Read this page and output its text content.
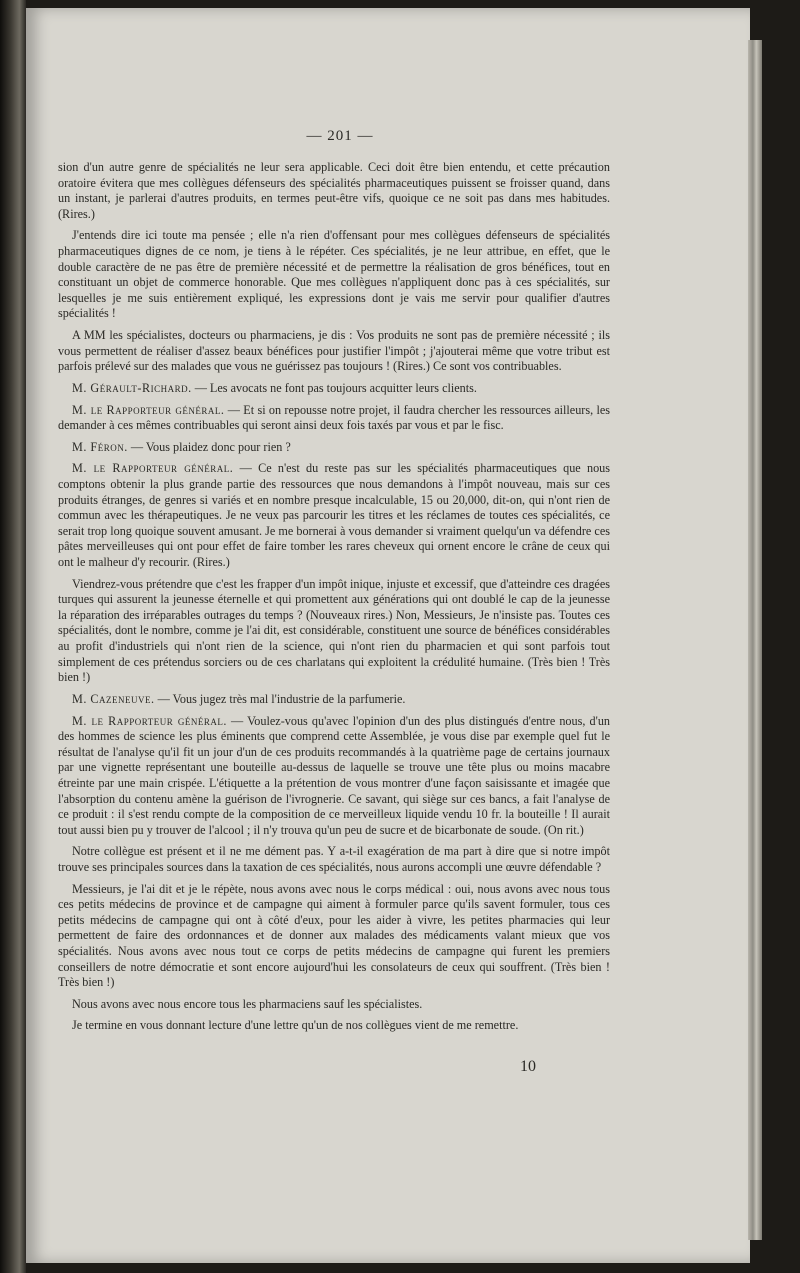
— 201 —

sion d'un autre genre de spécialités ne leur sera applicable. Ceci doit être bien entendu, et cette précaution oratoire évitera que mes collègues défenseurs des spécialités pharmaceutiques puissent se froisser quand, dans un instant, je parlerai d'autres produits, en termes peut-être vifs, quoique ce ne soit pas dans mes habitudes. (Rires.)

J'entends dire ici toute ma pensée ; elle n'a rien d'offensant pour mes collègues défenseurs de spécialités pharmaceutiques dignes de ce nom, je tiens à le répéter. Ces spécialités, je ne leur attribue, en effet, que le double caractère de ne pas être de première nécessité et de permettre la réalisation de gros bénéfices, tout en constituant un objet de commerce honorable. Que mes collègues n'appliquent donc pas à ces spécialités, sur lesquelles je me suis entièrement expliqué, les expressions dont je vais me servir pour qualifier d'autres spécialités !

A MM les spécialistes, docteurs ou pharmaciens, je dis : Vos produits ne sont pas de première nécessité ; ils vous permettent de réaliser d'assez beaux bénéfices pour justifier l'impôt ; j'ajouterai même que votre tribut est parfois prélevé sur des malades que vous ne guérissez pas toujours ! (Rires.) Ce sont vos contribuables.

M. Gérault-Richard. — Les avocats ne font pas toujours acquitter leurs clients.

M. le Rapporteur général. — Et si on repousse notre projet, il faudra chercher les ressources ailleurs, les demander à ces mêmes contribuables qui seront ainsi deux fois taxés par vous et par le fisc.

M. Féron. — Vous plaidez donc pour rien ?

M. le Rapporteur général. — Ce n'est du reste pas sur les spécialités pharmaceutiques que nous comptons obtenir la plus grande partie des ressources que nous demandons à l'impôt nouveau, mais sur ces produits étranges, de genres si variés et en nombre presque incalculable, 15 ou 20,000, dit-on, qui n'ont rien de commun avec les thérapeutiques. Je ne veux pas parcourir les titres et les réclames de toutes ces spécialités, ce serait trop long quoique souvent amusant. Je me bornerai à vous demander si vraiment quelqu'un va défendre ces pâtes merveilleuses qui ont pour effet de faire tomber les rares cheveux qui ornent encore le crâne de ceux qui ont le malheur d'y recourir. (Rires.)

Viendrez-vous prétendre que c'est les frapper d'un impôt inique, injuste et excessif, que d'atteindre ces dragées turques qui assurent la jeunesse éternelle et qui promettent aux générations qui ont doublé le cap de la jeunesse la réparation des irréparables outrages du temps ? (Nouveaux rires.) Non, Messieurs, Je n'insiste pas. Toutes ces spécialités, dont le nombre, comme je l'ai dit, est considérable, constituent une source de bénéfices considérables au profit d'industriels qui n'ont rien de la science, qui n'ont rien du pharmacien et qui sont parfois tout simplement de ces prétendus sorciers ou de ces charlatans qui exploitent la crédulité humaine. (Très bien ! Très bien !)

M. Cazeneuve. — Vous jugez très mal l'industrie de la parfumerie.

M. le Rapporteur général. — Voulez-vous qu'avec l'opinion d'un des plus distingués d'entre nous, d'un des hommes de science les plus éminents que comprend cette Assemblée, je vous dise par exemple quel fut le résultat de l'analyse qu'il fit un jour d'un de ces produits recommandés à la quatrième page de certains journaux par une vignette représentant une bouteille au-dessus de laquelle se trouve une tête plus ou moins macabre étreinte par une main crispée. L'étiquette a la prétention de vous montrer d'une façon saisissante et imagée que l'absorption du contenu amène la guérison de l'ivrognerie. Ce savant, qui siège sur ces bancs, a fait l'analyse de ce produit : il s'est rendu compte de la composition de ce merveilleux liquide vendu 10 fr. la bouteille ! Il aurait tout aussi bien pu y trouver de l'alcool ; il n'y trouva qu'un peu de sucre et de bicarbonate de soude. (On rit.)

Notre collègue est présent et il ne me dément pas. Y a-t-il exagération de ma part à dire que si notre impôt trouve ses principales sources dans la taxation de ces spécialités, nous aurons accompli une œuvre défendable ?

Messieurs, je l'ai dit et je le répète, nous avons avec nous le corps médical : oui, nous avons avec nous tous ces petits médecins de province et de campagne qui aiment à formuler parce qu'ils savent formuler, tous ces petits médecins de campagne qui ont à côté d'eux, pour les aider à vivre, les petites pharmacies qui leur permettent de faire des ordonnances et de donner aux malades des médicaments valant mieux que vos spécialités. Nous avons avec nous tout ce corps de petits médecins de campagne qui furent les premiers conseillers de notre démocratie et sont encore aujourd'hui les consolateurs de ceux qui souffrent. (Très bien ! Très bien !)

Nous avons avec nous encore tous les pharmaciens sauf les spécialistes.

Je termine en vous donnant lecture d'une lettre qu'un de nos collègues vient de me remettre.

10
